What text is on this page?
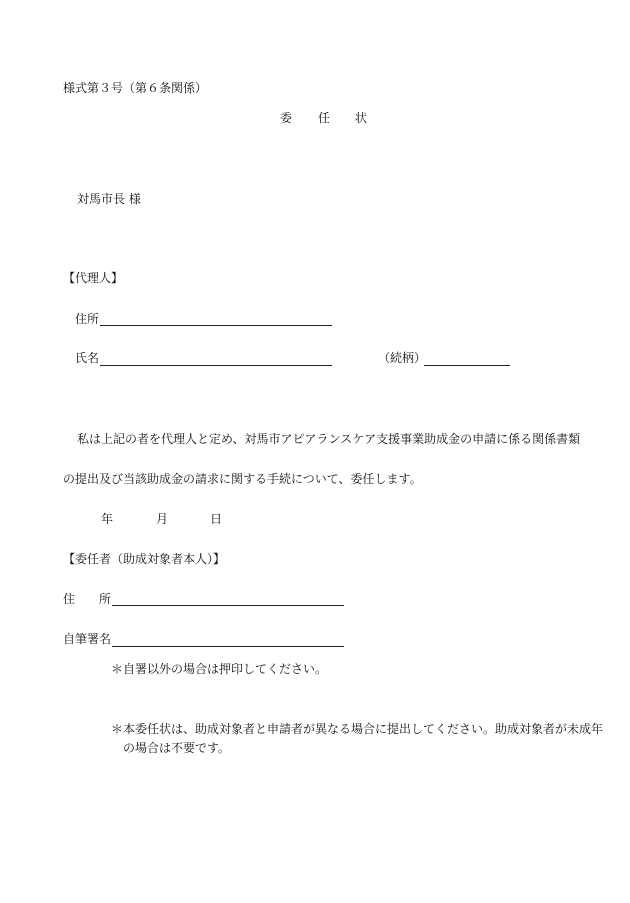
様式第３号（第６条関係）
委 任 状
対馬市長 様
【代理人】
住所
氏名	（続柄）
私は上記の者を代理人と定め、対馬市アピアランスケア支援事業助成金の申請に係る関係書類
の提出及び当該助成金の請求に関する手続について、委任します。
年	月	日
【委任者（助成対象者本人）】
住 所
自筆署名
＊自署以外の場合は押印してください。
＊本委任状は、助成対象者と申請者が異なる場合に提出してください。助成対象者が未成年
の場合は不要です。
